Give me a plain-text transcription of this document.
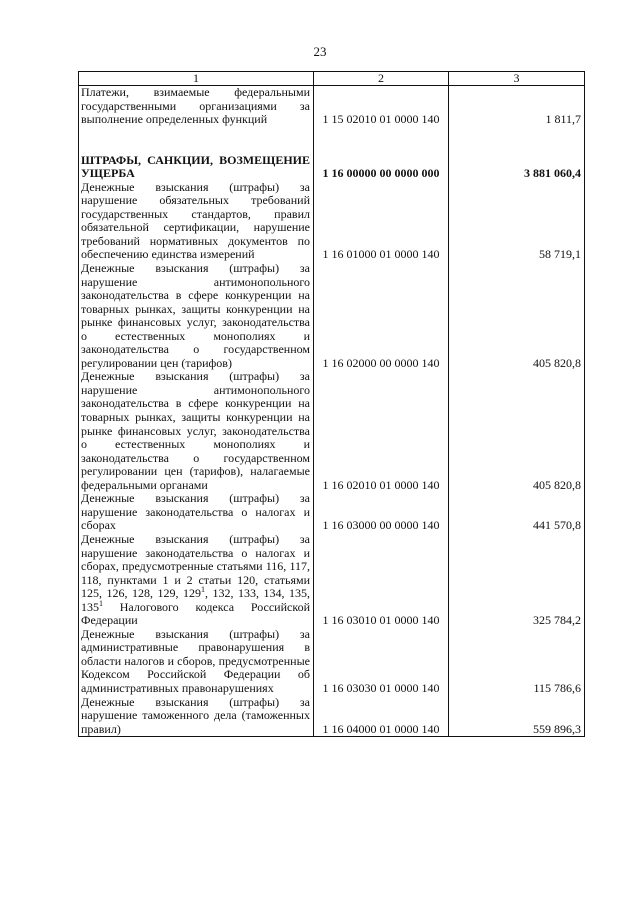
23
1	2	3
Платежи, взимаемые федеральными государственными организациями за выполнение определенных функций	1 15 02010 01 0000 140	1 811,7
ШТРАФЫ, САНКЦИИ, ВОЗМЕЩЕНИЕ УЩЕРБА	1 16 00000 00 0000 000	3 881 060,4
Денежные взыскания (штрафы) за нарушение обязательных требований государственных стандартов, правил обязательной сертификации, нарушение требований нормативных документов по обеспечению единства измерений	1 16 01000 01 0000 140	58 719,1
Денежные взыскания (штрафы) за нарушение антимонопольного законодательства в сфере конкуренции на товарных рынках, защиты конкуренции на рынке финансовых услуг, законодательства о естественных монополиях и законодательства о государственном регулировании цен (тарифов)	1 16 02000 00 0000 140	405 820,8
Денежные взыскания (штрафы) за нарушение антимонопольного законодательства в сфере конкуренции на товарных рынках, защиты конкуренции на рынке финансовых услуг, законодательства о естественных монополиях и законодательства о государственном регулировании цен (тарифов), налагаемые федеральными органами	1 16 02010 01 0000 140	405 820,8
Денежные взыскания (штрафы) за нарушение законодательства о налогах и сборах	1 16 03000 00 0000 140	441 570,8
Денежные взыскания (штрафы) за нарушение законодательства о налогах и сборах, предусмотренные статьями 116, 117, 118, пунктами 1 и 2 статьи 120, статьями 125, 126, 128, 129, $129^1$, 132, 133, 134, 135, $135^1$ Налогового кодекса Российской Федерации	1 16 03010 01 0000 140	325 784,2
Денежные взыскания (штрафы) за административные правонарушения в области налогов и сборов, предусмотренные Кодексом Российской Федерации об административных правонарушениях	1 16 03030 01 0000 140	115 786,6
Денежные взыскания (штрафы) за нарушение таможенного дела (таможенных правил)	1 16 04000 01 0000 140	559 896,3
